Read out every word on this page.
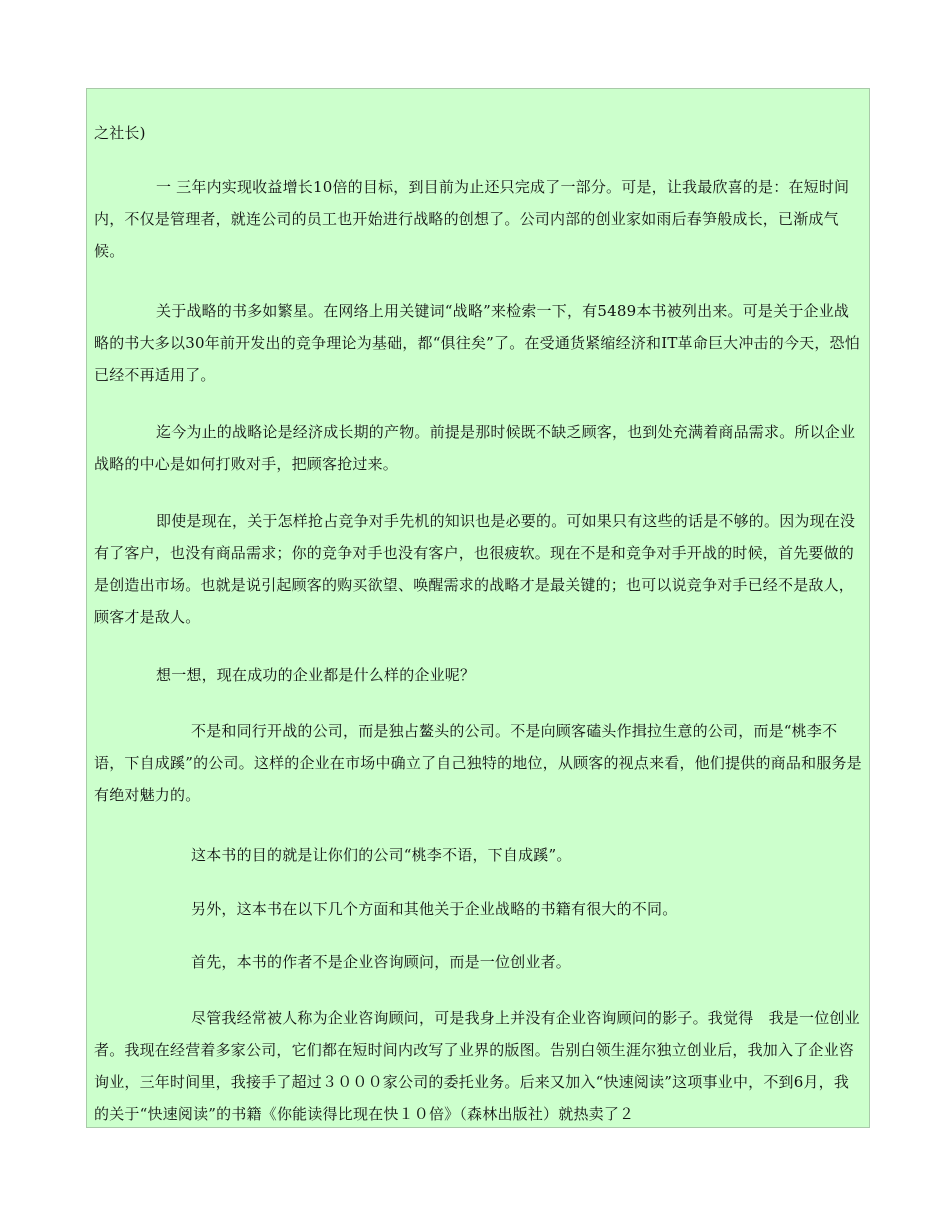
之社长)

一 三年内实现收益增长10倍的目标，到目前为止还只完成了一部分。可是，让我最欣喜的是：在短时间内，不仅是管理者，就连公司的员工也开始进行战略的创想了。公司内部的创业家如雨后春笋般成长，已渐成气候。

关于战略的书多如繁星。在网络上用关键词“战略”来检索一下，有5489本书被列出来。可是关于企业战略的书大多以30年前开发出的竞争理论为基础，都“俱往矣”了。在受通货紧缩经济和IT革命巨大冲击的今天，恐怕已经不再适用了。

迄今为止的战略论是经济成长期的产物。前提是那时候既不缺乏顾客，也到处充满着商品需求。所以企业战略的中心是如何打败对手，把顾客抢过来。

即使是现在，关于怎样抢占竞争对手先机的知识也是必要的。可如果只有这些的话是不够的。因为现在没有了客户，也没有商品需求；你的竞争对手也没有客户，也很疲软。现在不是和竞争对手开战的时候，首先要做的是创造出市场。也就是说引起顾客的购买欲望、唤醒需求的战略才是最关键的；也可以说竞争对手已经不是敌人，顾客才是敌人。

想一想，现在成功的企业都是什么样的企业呢？

不是和同行开战的公司，而是独占鳌头的公司。不是向顾客磕头作揖拉生意的公司，而是“桃李不语，下自成蹊”的公司。这样的企业在市场中确立了自己独特的地位，从顾客的视点来看，他们提供的商品和服务是有绝对魅力的。

这本书的目的就是让你们的公司“桃李不语，下自成蹊”。

另外，这本书在以下几个方面和其他关于企业战略的书籍有很大的不同。

首先，本书的作者不是企业咨询顾问，而是一位创业者。

尽管我经常被人称为企业咨询顾问，可是我身上并没有企业咨询顾问的影子。我觉得　我是一位创业者。我现在经营着多家公司，它们都在短时间内改写了业界的版图。告别白领生涯尔独立创业后，我加入了企业咨询业，三年时间里，我接手了超过３０００家公司的委托业务。后来又加入“快速阅读”这项事业中，不到6月，我的关于“快速阅读”的书籍《你能读得比现在快１０倍》（森林出版社）就热卖了２
